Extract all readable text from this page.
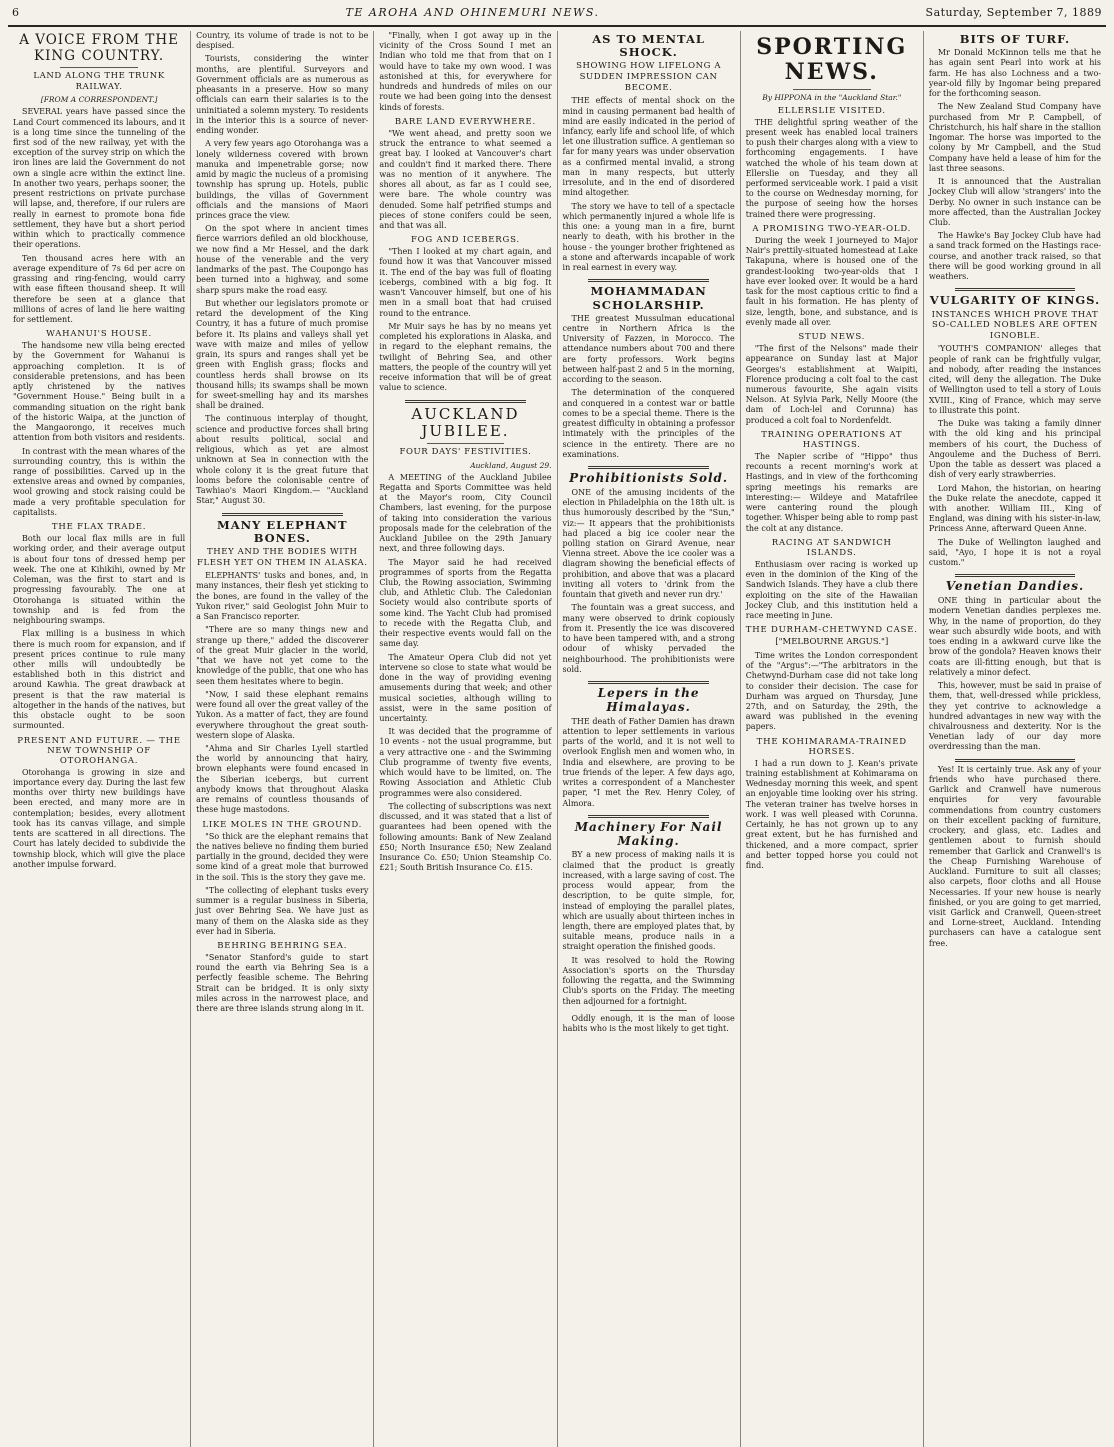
6	TE AROHA AND OHINEMURI NEWS.	Saturday, September 7, 1889
A VOICE FROM THE KING COUNTRY.
LAND ALONG THE TRUNK RAILWAY.
[FROM A CORRESPONDENT.]

SEVERAL years have passed since the Land Court commenced its labours, and it is a long time since the tunneling of the first sod of the new railway, yet with the exception of the survey strip on which the iron lines are laid the Government do not own a single acre within the extinct line. In another two years, perhaps sooner, the present restrictions on private purchase will lapse, and, therefore, if our rulers are really in earnest to promote bona fide settlement, they have but a short period within which to practically commence their operations.

Ten thousand acres here with an average expenditure of 7s 6d per acre on grassing and ring-fencing, would carry with ease fifteen thousand sheep. It will therefore be seen at a glance that millions of acres of land lie here waiting for settlement.

WAHANUI'S HOUSE.

The handsome new villa being erected by the Government for Wahanui is approaching completion. It is of considerable pretensions, and has been aptly christened by the natives "Government House." Being built in a commanding situation on the right bank of the historic Waipa, at the junction of the Mangaorongo, it receives much attention from both visitors and residents.

In contrast with the mean whares of the surrounding country, this is within the range of possibilities. Carved up in the extensive areas and owned by companies, wool growing and stock raising could be made a very profitable speculation for capitalists.

THE FLAX TRADE.

Both our local flax mills are in full working order, and their average output is about four tons of dressed hemp per week. The one at Kihikihi, owned by Mr Coleman, was the first to start and is progressing favourably. The one at Otorohanga is situated within the township and is fed from the neighbouring swamps.

Flax milling is a business in which there is much room for expansion, and if present prices continue to rule many other mills will undoubtedly be established both in this district and around Kawhia. The great drawback at present is that the raw material is altogether in the hands of the natives, but this obstacle ought to be soon surmounted.

PRESENT AND FUTURE. — THE NEW TOWNSHIP OF OTOROHANGA.

Otorohanga is growing in size and importance every day. During the last few months over thirty new buildings have been erected, and many more are in contemplation; besides, every allotment took has its canvas village, and simple tents are scattered in all directions. The Court has lately decided to subdivide the township block, which will give the place another impulse forward.

Country, its volume of trade is not to be despised.

Tourists, considering the winter months, are plentiful. Surveyors and Government officials are as numerous as pheasants in a preserve. How so many officials can earn their salaries is to the uninitiated a solemn mystery. To residents in the interior this is a source of never-ending wonder.

A very few years ago Otorohanga was a lonely wilderness covered with brown manuka and impenetrable gorse; now amid by magic the nucleus of a promising township has sprung up. Hotels, public buildings, the villas of Government officials and the mansions of Maori princes grace the view.

On the spot where in ancient times fierce warriors defiled an old blockhouse, we now find a Mr Hessel, and the dark house of the venerable and the very landmarks of the past. The Coupongo has been turned into a highway, and some sharp spurs make the road easy.

But whether our legislators promote or retard the development of the King Country, it has a future of much promise before it. Its plains and valleys shall yet wave with maize and miles of yellow grain, its spurs and ranges shall yet be green with English grass; flocks and countless herds shall browse on its thousand hills; its swamps shall be mown for sweet-smelling hay and its marshes shall be drained.

The continuous interplay of thought, science and productive forces shall bring about results political, social and religious, which as yet are almost unknown at Sea in connection with the whole colony it is the great future that looms before the colonisable centre of Tawhiao's Maori Kingdom.— "Auckland Star," August 30.

MANY ELEPHANT BONES.
THEY AND THE BODIES WITH FLESH YET ON THEM IN ALASKA.

ELEPHANTS' tusks and bones, and, in many instances, their flesh yet sticking to the bones, are found in the valley of the Yukon river," said Geologist John Muir to a San Francisco reporter.

"There are so many things new and strange up there," added the discoverer of the great Muir glacier in the world, "that we have not yet come to the knowledge of the public, that one who has seen them hesitates where to begin.

"Now, I said these elephant remains were found all over the great valley of the Yukon. As a matter of fact, they are found everywhere throughout the great south-western slope of Alaska.

"Ahma and Sir Charles Lyell startled the world by announcing that hairy, brown elephants were found encased in the Siberian icebergs, but current anybody knows that throughout Alaska are remains of countless thousands of these huge mastodons.

LIKE MOLES IN THE GROUND.

"So thick are the elephant remains that the natives believe no finding them buried partially in the ground, decided they were some kind of a great mole that burrowed in the soil. This is the story they gave me.

"The collecting of elephant tusks every summer is a regular business in Siberia, just over Behring Sea. We have just as many of them on the Alaska side as they ever had in Siberia.

BEHRING BEHRING SEA.

"Senator Stanford's guide to start round the earth via Behring Sea is a perfectly feasible scheme. The Behring Strait can be bridged. It is only sixty miles across in the narrowest place, and there are three islands strung along in it.

"Finally, when I got away up in the vicinity of the Cross Sound I met an Indian who told me that from that on I would have to take my own wood. I was astonished at this, for everywhere for hundreds and hundreds of miles on our route we had been going into the densest kinds of forests.

BARE LAND EVERYWHERE.

"We went ahead, and pretty soon we struck the entrance to what seemed a great bay. I looked at Vancouver's chart and couldn't find it marked there. There was no mention of it anywhere. The shores all about, as far as I could see, were bare. The whole country was denuded. Some half petrified stumps and pieces of stone conifers could be seen, and that was all.

FOG AND ICEBERGS.

"Then I looked at my chart again, and found how it was that Vancouver missed it. The end of the bay was full of floating icebergs, combined with a big fog. It wasn't Vancouver himself, but one of his men in a small boat that had cruised round to the entrance.

Mr Muir says he has by no means yet completed his explorations in Alaska, and in regard to the elephant remains, the twilight of Behring Sea, and other matters, the people of the country will yet receive information that will be of great value to science.

AUCKLAND JUBILEE.
FOUR DAYS' FESTIVITIES.
Auckland, August 29.

A MEETING of the Auckland Jubilee Regatta and Sports Committee was held at the Mayor's room, City Council Chambers, last evening, for the purpose of taking into consideration the various proposals made for the celebration of the Auckland Jubilee on the 29th January next, and three following days.

The Mayor said he had received programmes of sports from the Regatta Club, the Rowing association, Swimming club, and Athletic Club. The Caledonian Society would also contribute sports of some kind. The Yacht Club had promised to recede with the Regatta Club, and their respective events would fall on the same day.

The Amateur Opera Club did not yet intervene so close to state what would be done in the way of providing evening amusements during that week; and other musical societies, although willing to assist, were in the same position of uncertainty.

It was decided that the programme of 10 events - not the usual programme, but a very attractive one - and the Swimming Club programme of twenty five events, which would have to be limited, on. The Rowing Association and Athletic Club programmes were also considered.

The collecting of subscriptions was next discussed, and it was stated that a list of guarantees had been opened with the following amounts: Bank of New Zealand £50; North Insurance £50; New Zealand Insurance Co. £50; Union Steamship Co. £21; South British Insurance Co. £15.

AS TO MENTAL SHOCK.
SHOWING HOW LIFELONG A SUDDEN IMPRESSION CAN BECOME.

THE effects of mental shock on the mind in causing permanent bad health of mind are easily indicated in the period of infancy, early life and school life, of which let one illustration suffice. A gentleman so far for many years was under observation as a confirmed mental invalid, a strong man in many respects, but utterly irresolute, and in the end of disordered mind altogether.

The story we have to tell of a spectacle which permanently injured a whole life is this one: a young man in a fire, burnt nearly to death, with his brother in the house - the younger brother frightened as a stone and afterwards incapable of work in real earnest in every way.

MOHAMMADAN SCHOLARSHIP.

THE greatest Mussulman educational centre in Northern Africa is the University of Fazzen, in Morocco. The attendance numbers about 700 and there are forty professors. Work begins between half-past 2 and 5 in the morning, according to the season.

The determination of the conquered and conquered in a contest war or battle comes to be a special theme. There is the greatest difficulty in obtaining a professor intimately with the principles of the science in the entirety. There are no examinations.

Prohibitionists Sold.

ONE of the amusing incidents of the election in Philadelphia on the 18th ult. is thus humorously described by the "Sun," viz:— It appears that the prohibitionists had placed a big ice cooler near the polling station on Girard Avenue, near Vienna street. Above the ice cooler was a diagram showing the beneficial effects of prohibition, and above that was a placard inviting all voters to 'drink from the fountain that giveth and never run dry.'

The fountain was a great success, and many were observed to drink copiously from it. Presently the ice was discovered to have been tampered with, and a strong odour of whisky pervaded the neighbourhood. The prohibitionists were sold.

Lepers in the Himalayas.

THE death of Father Damien has drawn attention to leper settlements in various parts of the world, and it is not well to overlook English men and women who, in India and elsewhere, are proving to be true friends of the leper. A few days ago, writes a correspondent of a Manchester paper, "I met the Rev. Henry Coley, of Almora.

Machinery For Nail Making.

BY a new process of making nails it is claimed that the product is greatly increased, with a large saving of cost. The process would appear, from the description, to be quite simple, for, instead of employing the parallel plates, which are usually about thirteen inches in length, there are employed plates that, by suitable means, produce nails in a straight operation the finished goods.

It was resolved to hold the Rowing Association's sports on the Thursday following the regatta, and the Swimming Club's sports on the Friday. The meeting then adjourned for a fortnight.

Oddly enough, it is the man of loose habits who is the most likely to get tight.

SPORTING NEWS.
By HIPPONA in the "Auckland Star."
ELLERSLIE VISITED.

THE delightful spring weather of the present week has enabled local trainers to push their charges along with a view to forthcoming engagements. I have watched the whole of his team down at Ellerslie on Tuesday, and they all performed serviceable work. I paid a visit to the course on Wednesday morning, for the purpose of seeing how the horses trained there were progressing.

A PROMISING TWO-YEAR-OLD.

During the week I journeyed to Major Nair's prettily-situated homestead at Lake Takapuna, where is housed one of the grandest-looking two-year-olds that I have ever looked over. It would be a hard task for the most captious critic to find a fault in his formation. He has plenty of size, length, bone, and substance, and is evenly made all over.

STUD NEWS.

"The first of the Nelsons" made their appearance on Sunday last at Major Georges's establishment at Waipiti, Florence producing a colt foal to the cast numerous favourite, She again visits Nelson. At Sylvia Park, Nelly Moore (the dam of Loch-lel and Corunna) has produced a colt foal to Nordenfeldt.

TRAINING OPERATIONS AT HASTINGS.

The Napier scribe of "Hippo" thus recounts a recent morning's work at Hastings, and in view of the forthcoming spring meetings his remarks are interesting:— Wildeye and Matafrilee were cantering round the plough together. Whisper being able to romp past the colt at any distance.

RACING AT SANDWICH ISLANDS.

Enthusiasm over racing is worked up even in the dominion of the King of the Sandwich Islands. They have a club there exploiting on the site of the Hawaiian Jockey Club, and this institution held a race meeting in June.

THE DURHAM-CHETWYND CASE.
["MELBOURNE ARGUS."]

Time writes the London correspondent of the "Argus":—"The arbitrators in the Chetwynd-Durham case did not take long to consider their decision. The case for Durham was argued on Thursday, June 27th, and on Saturday, the 29th, the award was published in the evening papers.

THE KOHIMARAMA-TRAINED HORSES.

I had a run down to J. Kean's private training establishment at Kohimarama on Wednesday morning this week, and spent an enjoyable time looking over his string. The veteran trainer has twelve horses in work. I was well pleased with Corunna. Certainly, he has not grown up to any great extent, but he has furnished and thickened, and a more compact, sprier and better topped horse you could not find.

BITS OF TURF.

Mr Donald McKinnon tells me that he has again sent Pearl into work at his farm. He has also Lochness and a two-year-old filly by Ingomar being prepared for the forthcoming season.

The New Zealand Stud Company have purchased from Mr P. Campbell, of Christchurch, his half share in the stallion Ingomar. The horse was imported to the colony by Mr Campbell, and the Stud Company have held a lease of him for the last three seasons.

It is announced that the Australian Jockey Club will allow 'strangers' into the Derby. No owner in such instance can be more affected, than the Australian Jockey Club.

The Hawke's Bay Jockey Club have had a sand track formed on the Hastings race-course, and another track raised, so that there will be good working ground in all weathers.

VULGARITY OF KINGS.
INSTANCES WHICH PROVE THAT SO-CALLED NOBLES ARE OFTEN IGNOBLE.

'YOUTH'S COMPANION' alleges that people of rank can be frightfully vulgar, and nobody, after reading the instances cited, will deny the allegation. The Duke of Wellington used to tell a story of Louis XVIII., King of France, which may serve to illustrate this point.

The Duke was taking a family dinner with the old king and his principal members of his court, the Duchess of Angouleme and the Duchess of Berri. Upon the table as dessert was placed a dish of very early strawberries.

Lord Mahon, the historian, on hearing the Duke relate the anecdote, capped it with another. William III., King of England, was dining with his sister-in-law, Princess Anne, afterward Queen Anne.

The Duke of Wellington laughed and said, "Ayo, I hope it is not a royal custom."

Venetian Dandies.

ONE thing in particular about the modern Venetian dandies perplexes me. Why, in the name of proportion, do they wear such absurdly wide boots, and with toes ending in a awkward curve like the brow of the gondola? Heaven knows their coats are ill-fitting enough, but that is relatively a minor defect.

This, however, must be said in praise of them, that, well-dressed while prickless, they yet contrive to acknowledge a hundred advantages in new way with the chivalrousness and dexterity. Nor is the Venetian lady of our day more overdressing than the man.

Yes! It is certainly true. Ask any of your friends who have purchased there. Garlick and Cranwell have numerous enquiries for very favourable commendations from country customers on their excellent packing of furniture, crockery, and glass, etc. Ladies and gentlemen about to furnish should remember that Garlick and Cranwell's is the Cheap Furnishing Warehouse of Auckland. Furniture to suit all classes; also carpets, floor cloths and all House Necessaries. If your new house is nearly finished, or you are going to get married, visit Garlick and Cranwell, Queen-street and Lorne-street, Auckland. Intending purchasers can have a catalogue sent free.
